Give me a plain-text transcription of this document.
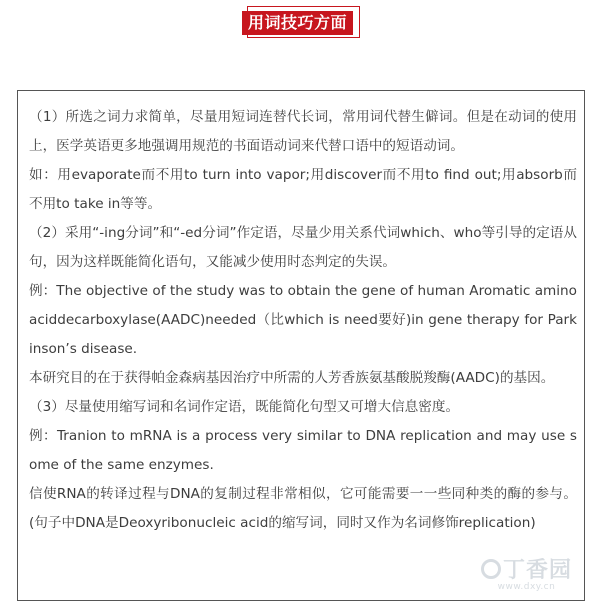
用词技巧方面

（1）所选之词力求简单，尽量用短词连替代长词，常用词代替生僻词。但是在动词的使用上，医学英语更多地强调用规范的书面语动词来代替口语中的短语动词。

如：用evaporate而不用to turn into vapor;用discover而不用to find out;用absorb而不用to take in等等。

（2）采用“-ing分词”和“-ed分词”作定语，尽量少用关系代词which、who等引导的定语从句，因为这样既能简化语句，又能减少使用时态判定的失误。

例：The objective of the study was to obtain the gene of human Aromatic amino aciddecarboxylase(AADC)needed（比which is need要好)in gene therapy for Parkinson’s disease.

本研究目的在于获得帕金森病基因治疗中所需的人芳香族氨基酸脱羧酶(AADC)的基因。

（3）尽量使用缩写词和名词作定语，既能简化句型又可增大信息密度。

例：Tranion to mRNA is a process very similar to DNA replication and may use some of the same enzymes.

信使RNA的转译过程与DNA的复制过程非常相似，它可能需要一一些同种类的酶的参与。(句子中DNA是Deoxyribonucleic acid的缩写词，同时又作为名词修饰replication)

丁香园
www.dxy.cn
